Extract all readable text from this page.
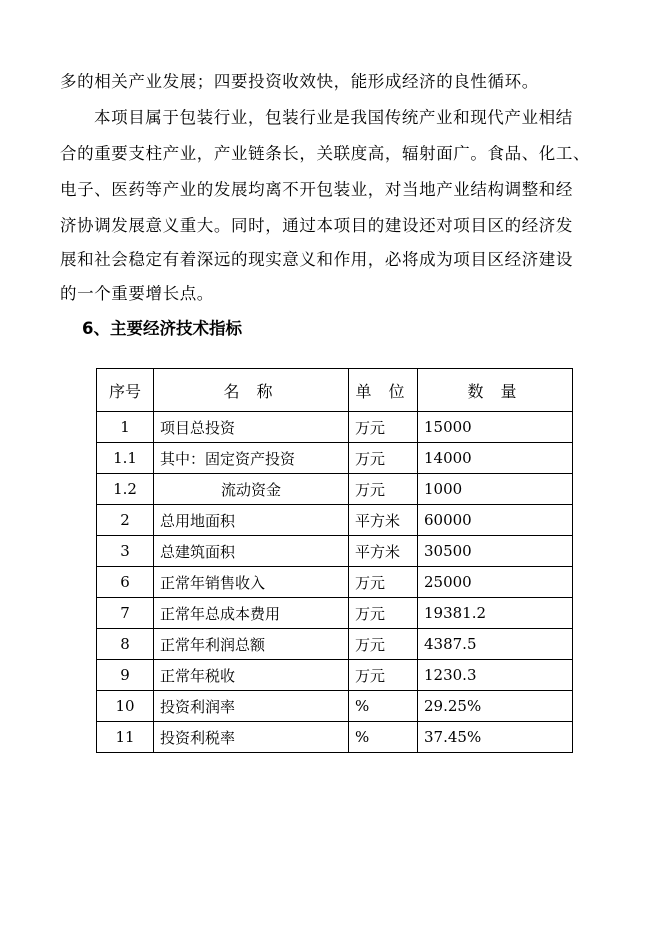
多的相关产业发展；四要投资收效快，能形成经济的良性循环。
本项目属于包装行业，包装行业是我国传统产业和现代产业相结
合的重要支柱产业，产业链条长，关联度高，辐射面广。食品、化工、
电子、医药等产业的发展均离不开包装业，对当地产业结构调整和经
济协调发展意义重大。同时，通过本项目的建设还对项目区的经济发
展和社会稳定有着深远的现实意义和作用，必将成为项目区经济建设
的一个重要增长点。
6、主要经济技术指标
序号	名 称	单 位	数 量
1	项目总投资	万元	15000
1.1	其中：固定资产投资	万元	14000
1.2	流动资金	万元	1000
2	总用地面积	平方米	60000
3	总建筑面积	平方米	30500
6	正常年销售收入	万元	25000
7	正常年总成本费用	万元	19381.2
8	正常年利润总额	万元	4387.5
9	正常年税收	万元	1230.3
10	投资利润率	%	29.25%
11	投资利税率	%	37.45%
